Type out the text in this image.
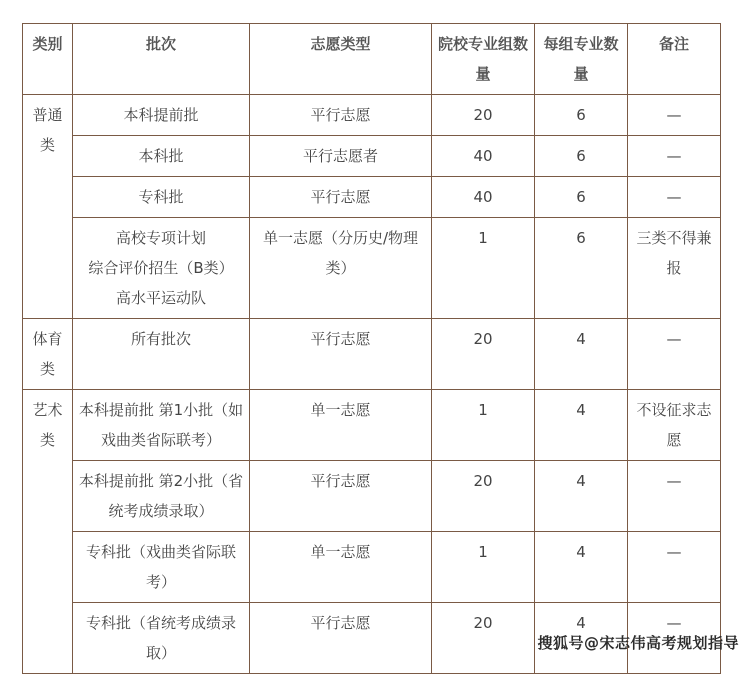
类别	批次	志愿类型	院校专业组数量	每组专业数量	备注
普通类	本科提前批	平行志愿	20	6	—

	本科批	平行志愿者	40	6	—

	专科批	平行志愿	40	6	—

	高校专项计划
综合评价招生（B类）
高水平运动队	单一志愿（分历史/物理类）	1	6	三类不得兼报
体育类	所有批次	平行志愿	20	4	—
艺术类	本科提前批 第1小批（如戏曲类省际联考）	单一志愿	1	4	不设征求志愿

	本科提前批 第2小批（省统考成绩录取）	平行志愿	20	4	—

	专科批（戏曲类省际联考）	单一志愿	1	4	—

	专科批（省统考成绩录取）	平行志愿	20	4	—
搜狐号@宋志伟高考规划指导
